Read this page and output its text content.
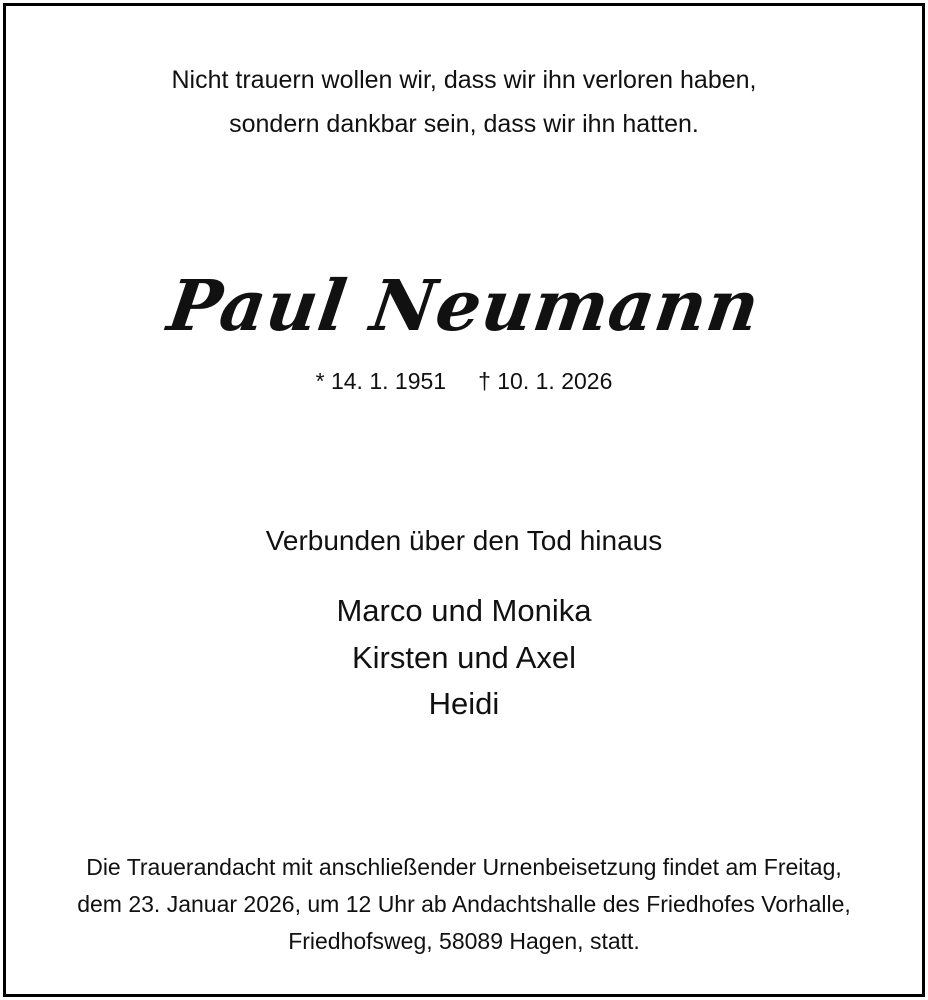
Nicht trauern wollen wir, dass wir ihn verloren haben,
sondern dankbar sein, dass wir ihn hatten.
Paul Neumann
* 14. 1. 1951 † 10. 1. 2026
Verbunden über den Tod hinaus
Marco und Monika
Kirsten und Axel
Heidi
Die Trauerandacht mit anschließender Urnenbeisetzung findet am Freitag,
dem 23. Januar 2026, um 12 Uhr ab Andachtshalle des Friedhofes Vorhalle,
Friedhofsweg, 58089 Hagen, statt.
